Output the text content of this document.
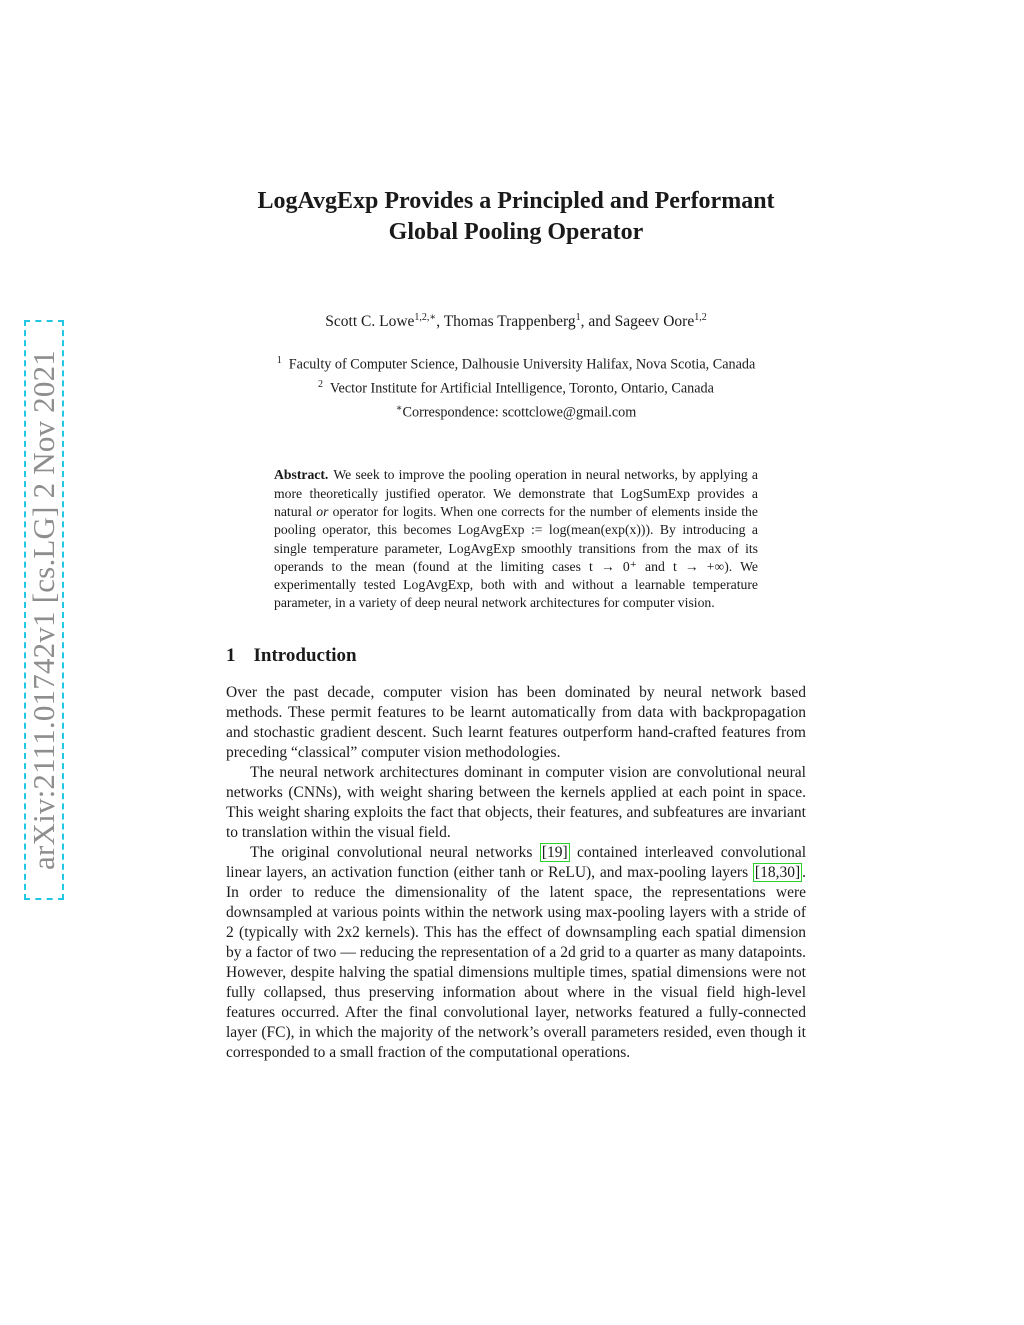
arXiv:2111.01742v1 [cs.LG] 2 Nov 2021
LogAvgExp Provides a Principled and Performant
Global Pooling Operator
Scott C. Lowe$^{1,2,∗}$, Thomas Trappenberg$^1$, and Sageev Oore$^{1,2}$
$^1$ Faculty of Computer Science, Dalhousie University Halifax, Nova Scotia, Canada
$^2$ Vector Institute for Artificial Intelligence, Toronto, Ontario, Canada
∗Correspondence: scottclowe@gmail.com
Abstract. We seek to improve the pooling operation in neural networks, by applying a more theoretically justified operator. We demonstrate that LogSumExp provides a natural or operator for logits. When one corrects for the number of elements inside the pooling operator, this becomes LogAvgExp := log(mean(exp(x))). By introducing a single temperature parameter, LogAvgExp smoothly transitions from the max of its operands to the mean (found at the limiting cases t → 0⁺ and t → +∞). We experimentally tested LogAvgExp, both with and without a learnable temperature parameter, in a variety of deep neural network architectures for computer vision.
1 Introduction

Over the past decade, computer vision has been dominated by neural network based methods. These permit features to be learnt automatically from data with backpropagation and stochastic gradient descent. Such learnt features outperform hand-crafted features from preceding “classical” computer vision methodologies.

The neural network architectures dominant in computer vision are convolutional neural networks (CNNs), with weight sharing between the kernels applied at each point in space. This weight sharing exploits the fact that objects, their features, and subfeatures are invariant to translation within the visual field.

The original convolutional neural networks [19] contained interleaved convolutional linear layers, an activation function (either tanh or ReLU), and max-pooling layers [18,30] . In order to reduce the dimensionality of the latent space, the representations were downsampled at various points within the network using max-pooling layers with a stride of 2 (typically with 2x2 kernels). This has the effect of downsampling each spatial dimension by a factor of two — reducing the representation of a 2d grid to a quarter as many datapoints. However, despite halving the spatial dimensions multiple times, spatial dimensions were not fully collapsed, thus preserving information about where in the visual field high-level features occurred. After the final convolutional layer, networks featured a fully-connected layer (FC), in which the majority of the network’s overall parameters resided, even though it corresponded to a small fraction of the computational operations.
